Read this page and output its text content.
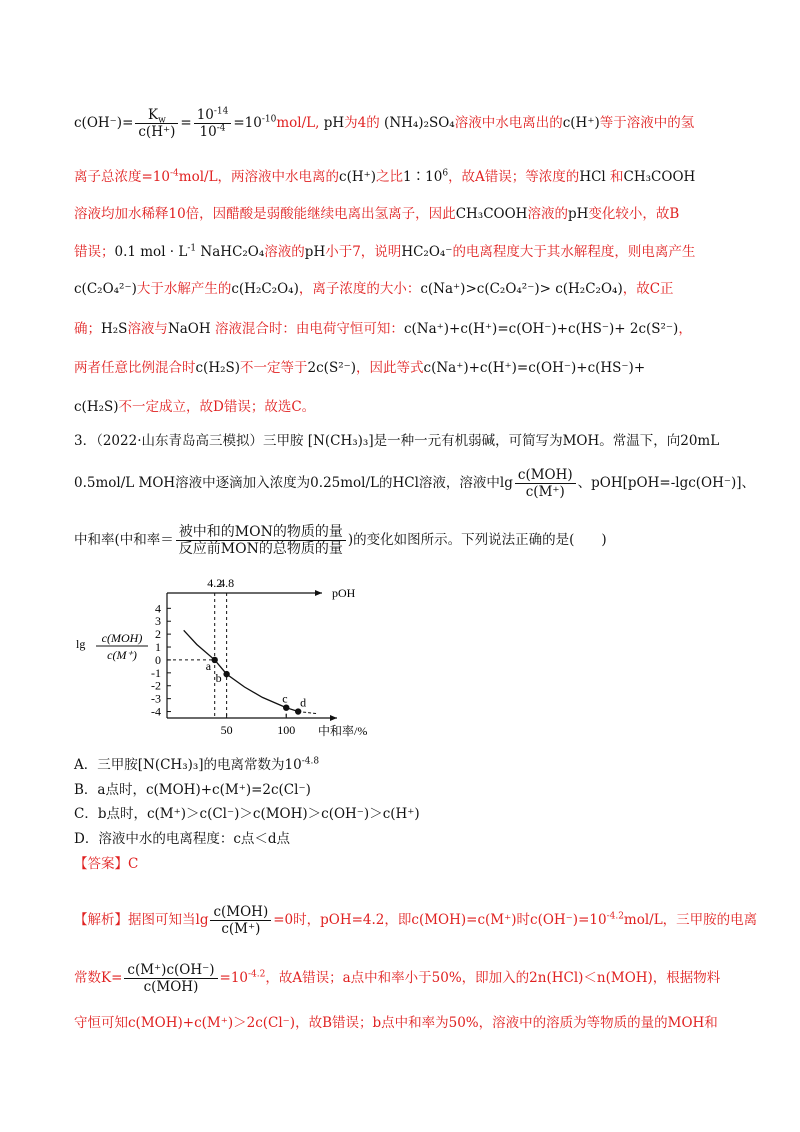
$c(OH^-)= \frac{K_w}{c(H^+)} = \frac{10^{-14}}{10^{-4}} =10^{-10}mol/L$, pH为4的 (NH₄)₂SO₄溶液中水电离出的c(H⁺)等于溶液中的氢
离子总浓度$=10^{-4}mol/L$，两溶液中水电离的c(H⁺)之比$1∶10^6$，故A错误；等浓度的HCl 和CH₃COOH
溶液均加水稀释10倍，因醋酸是弱酸能继续电离出氢离子，因此CH₃COOH溶液的pH变化较小，故B
错误；0.1 mol · $L^{-1}$ NaHC₂O₄溶液的pH小于7，说明HC₂O₄⁻的电离程度大于其水解程度，则电离产生
c(C₂O₄²⁻)大于水解产生的c(H₂C₂O₄)，离子浓度的大小：c(Na⁺)>c(C₂O₄²⁻)> c(H₂C₂O₄)，故C正
确；H₂S溶液与NaOH 溶液混合时：由电荷守恒可知：c(Na⁺)+c(H⁺)=c(OH⁻)+c(HS⁻)+ 2c(S²⁻)，
两者任意比例混合时c(H₂S)不一定等于2c(S²⁻)，因此等式c(Na⁺)+c(H⁺)=c(OH⁻)+c(HS⁻)+
c(H₂S)不一定成立，故D错误；故选C。
3．（2022·山东青岛高三模拟）三甲胺 [N(CH₃)₃]是一种一元有机弱碱，可简写为MOH。常温下，向20mL
0.5mol/L MOH溶液中逐滴加入浓度为0.25mol/L的HCl溶液，溶液中lg c(MOH)
c(M⁺)
、pOH[pOH=-lgc(OH⁻)]、
中和率(中和率＝ 被中和的MON的物质的量
反应前MON的总物质的量
)的变化如图所示。下列说法正确的是(　　)
pOH
lg c(MOH)
c(M⁺)
中和率/%
4
3
2
1
0
-1
-2
-3
-4
50	100
4.2
4.8
a
b
c d
A．三甲胺[N(CH₃)₃]的电离常数为$10^{-4.8}$
B．a点时，c(MOH)+c(M⁺)=2c(Cl⁻)
C．b点时，c(M⁺)＞c(Cl⁻)＞c(MOH)＞c(OH⁻)＞c(H⁺)
D．溶液中水的电离程度：c点＜d点
【答案】C
【解析】据图可知当lg c(MOH)
c(M⁺)
=0时，pOH=4.2，即c(MOH)=c(M⁺)时$c(OH^-)=10^{-4.2}mol/L$，三甲胺的电离
常数K= c(M⁺)c(OH⁻)
c(MOH)
$=10^{-4.2}$，故A错误；a点中和率小于50%，即加入的2n(HCl)＜n(MOH)，根据物料
守恒可知c(MOH)+c(M⁺)＞2c(Cl⁻)，故B错误；b点中和率为50%，溶液中的溶质为等物质的量的MOH和
